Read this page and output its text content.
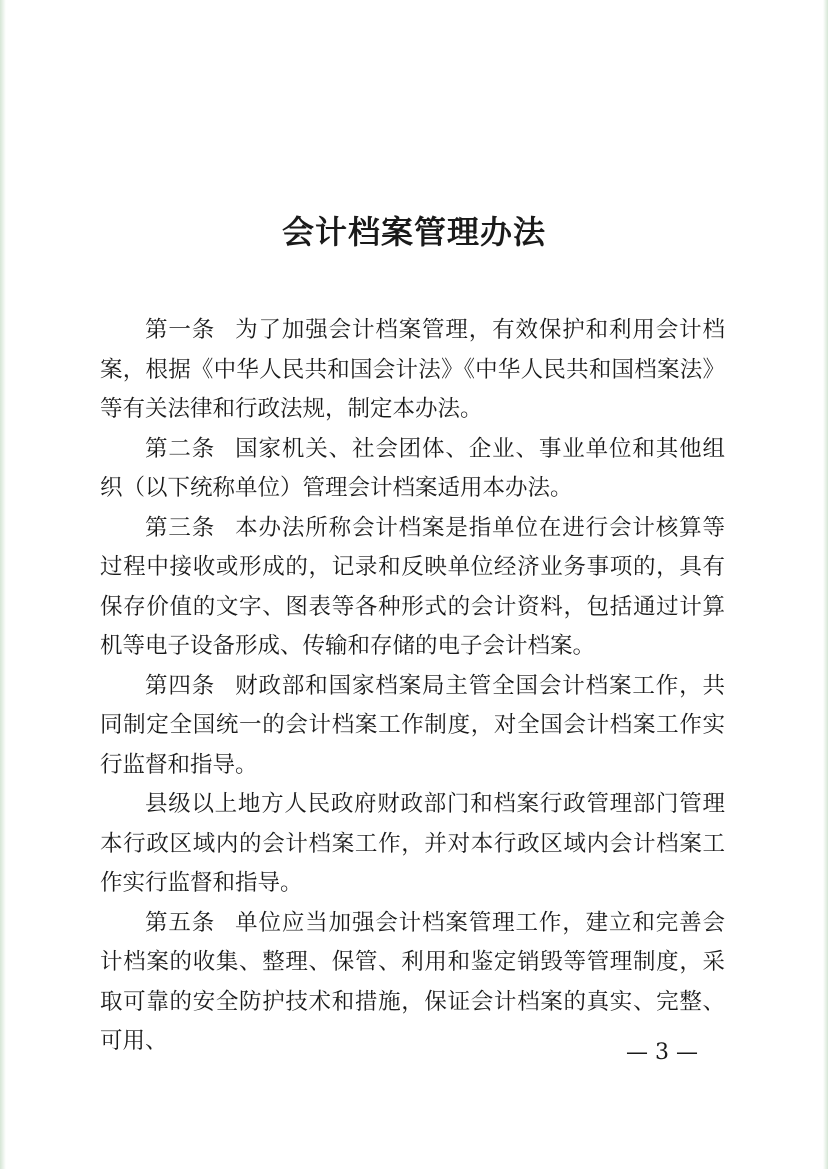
会计档案管理办法

第一条 为了加强会计档案管理，有效保护和利用会计档案，根据《中华人民共和国会计法》《中华人民共和国档案法》等有关法律和行政法规，制定本办法。

第二条 国家机关、社会团体、企业、事业单位和其他组织（以下统称单位）管理会计档案适用本办法。

第三条 本办法所称会计档案是指单位在进行会计核算等过程中接收或形成的，记录和反映单位经济业务事项的，具有保存价值的文字、图表等各种形式的会计资料，包括通过计算机等电子设备形成、传输和存储的电子会计档案。

第四条 财政部和国家档案局主管全国会计档案工作，共同制定全国统一的会计档案工作制度，对全国会计档案工作实行监督和指导。

县级以上地方人民政府财政部门和档案行政管理部门管理本行政区域内的会计档案工作，并对本行政区域内会计档案工作实行监督和指导。

第五条 单位应当加强会计档案管理工作，建立和完善会计档案的收集、整理、保管、利用和鉴定销毁等管理制度，采取可靠的安全防护技术和措施，保证会计档案的真实、完整、可用、	— 3 —
